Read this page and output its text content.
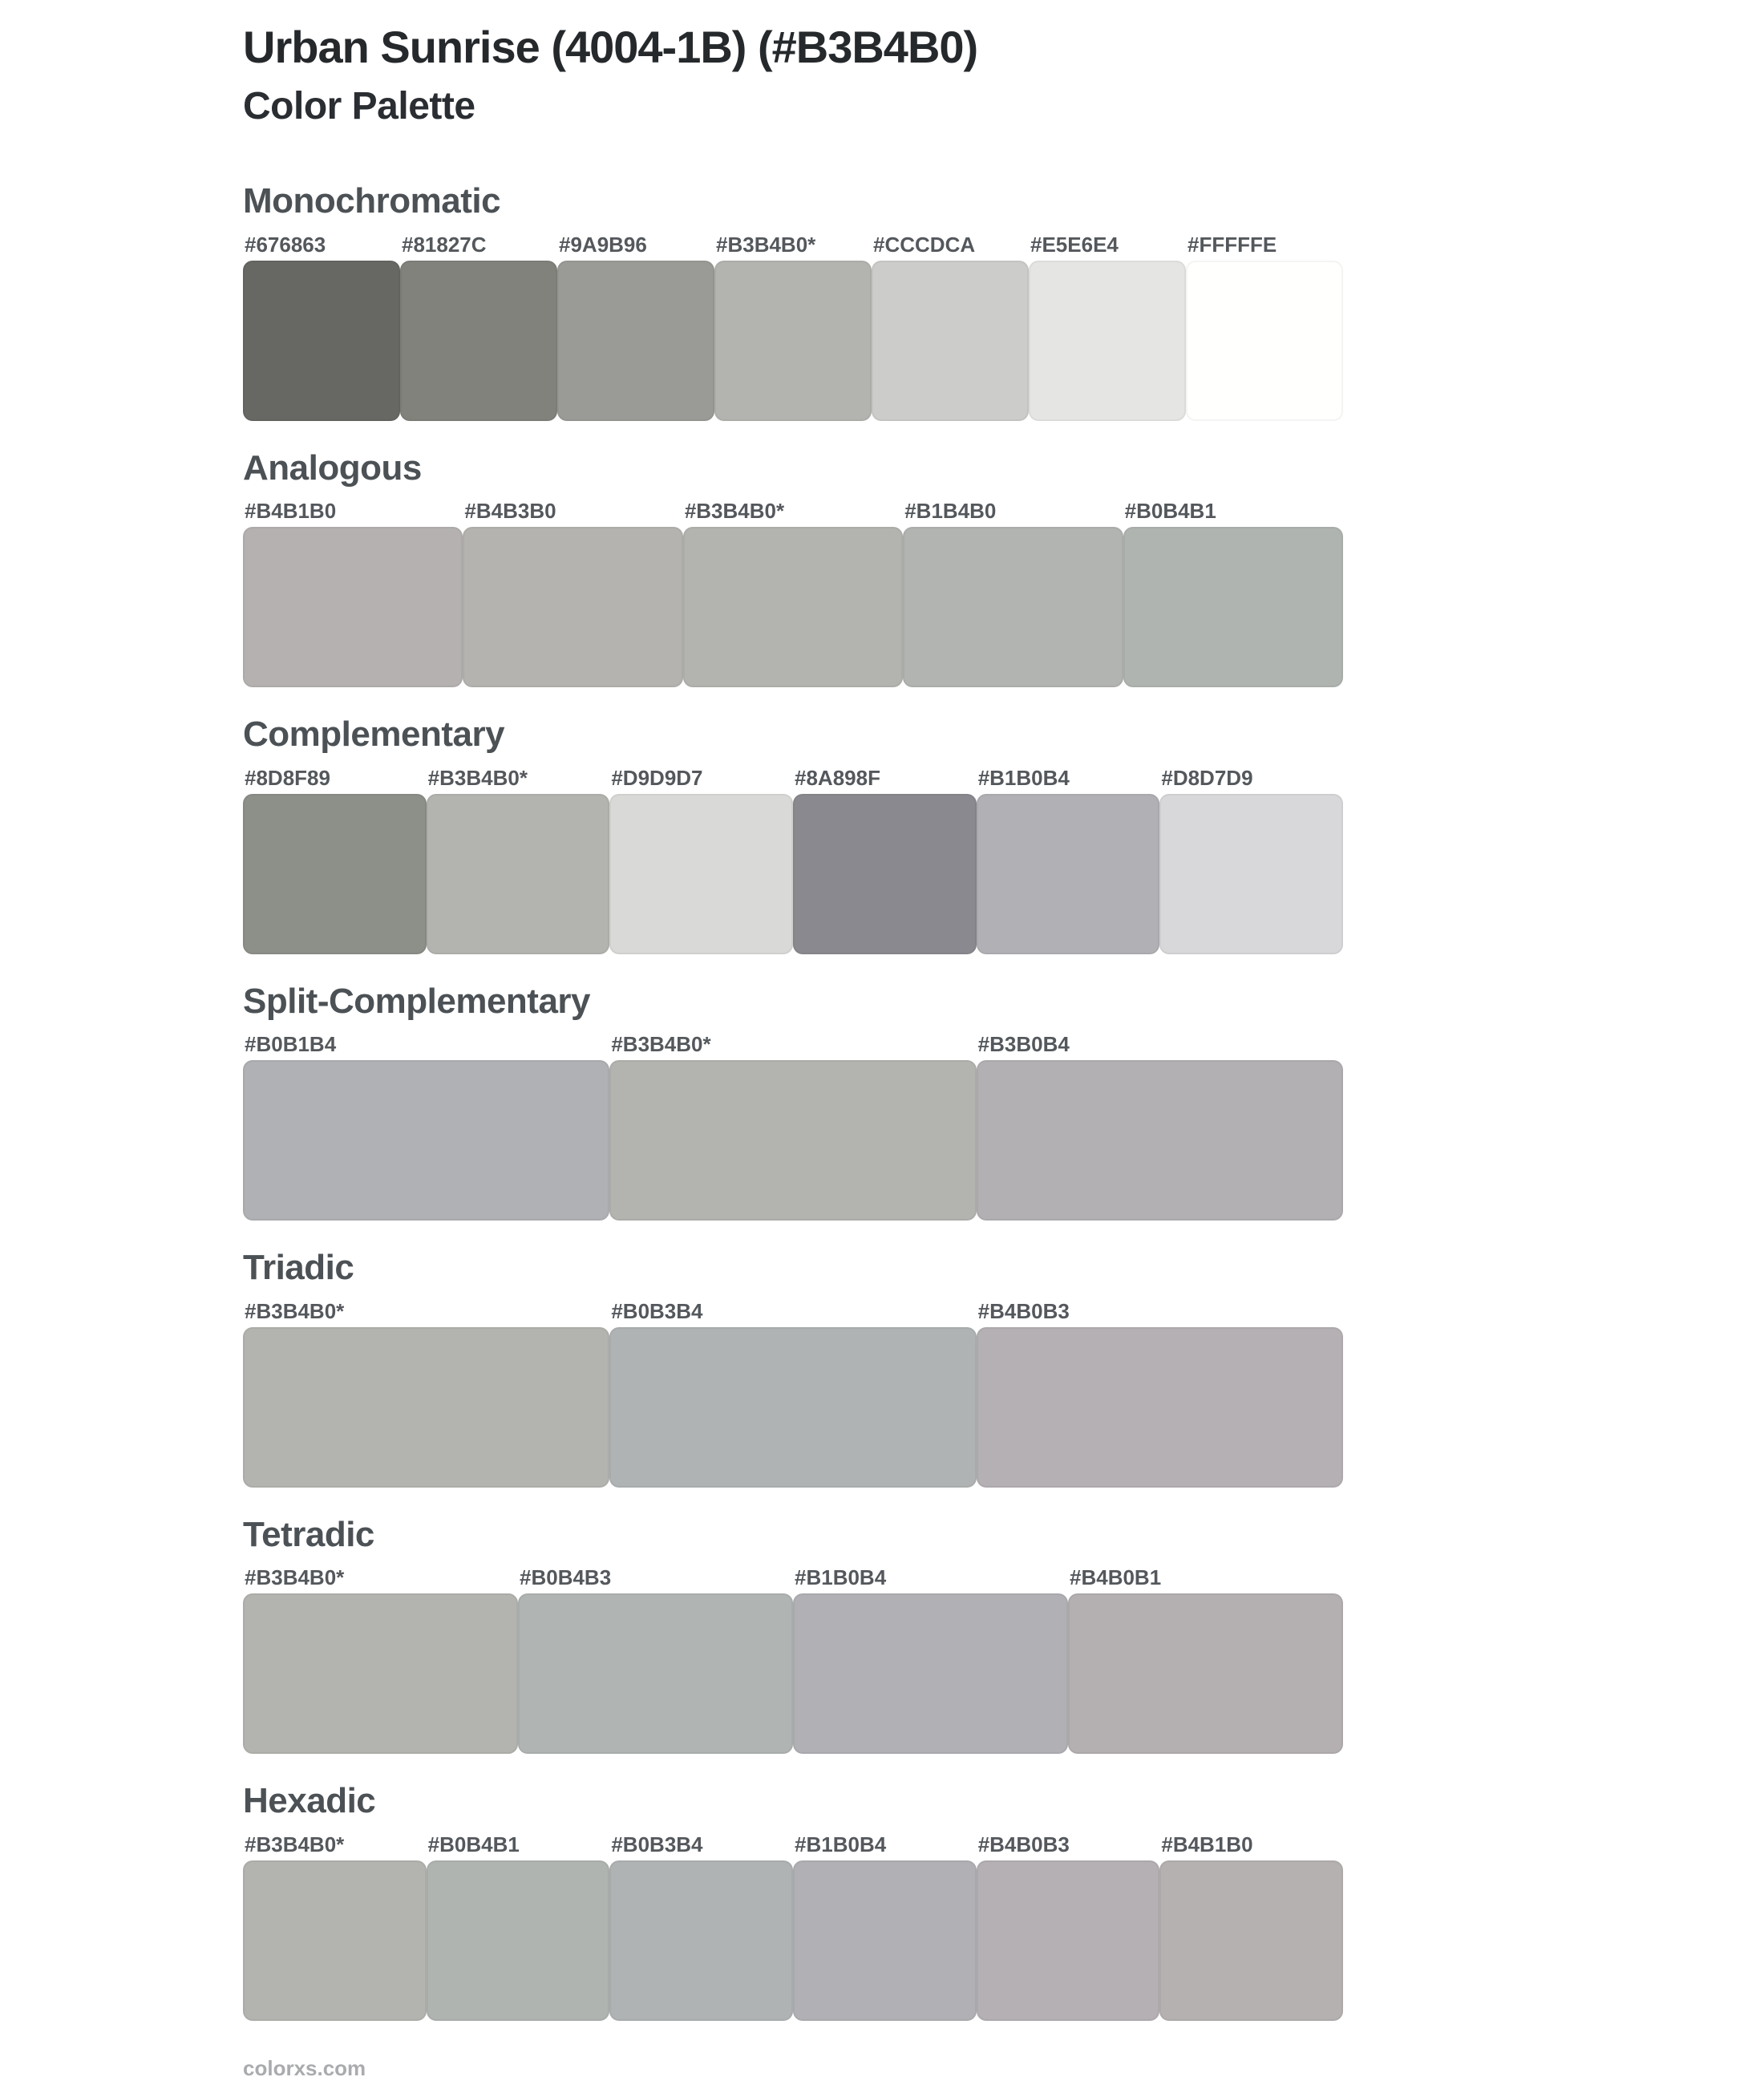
Urban Sunrise (4004-1B) (#B3B4B0)
Color Palette
Monochromatic
#676863	#81827C	#9A9B96	#B3B4B0*	#CCCDCA	#E5E6E4	#FFFFFE
Analogous
#B4B1B0	#B4B3B0	#B3B4B0*	#B1B4B0	#B0B4B1
Complementary
#8D8F89	#B3B4B0*	#D9D9D7	#8A898F	#B1B0B4	#D8D7D9
Split-Complementary
#B0B1B4	#B3B4B0*	#B3B0B4
Triadic
#B3B4B0*	#B0B3B4	#B4B0B3
Tetradic
#B3B4B0*	#B0B4B3	#B1B0B4	#B4B0B1
Hexadic
#B3B4B0*	#B0B4B1	#B0B3B4	#B1B0B4	#B4B0B3	#B4B1B0
colorxs.com
